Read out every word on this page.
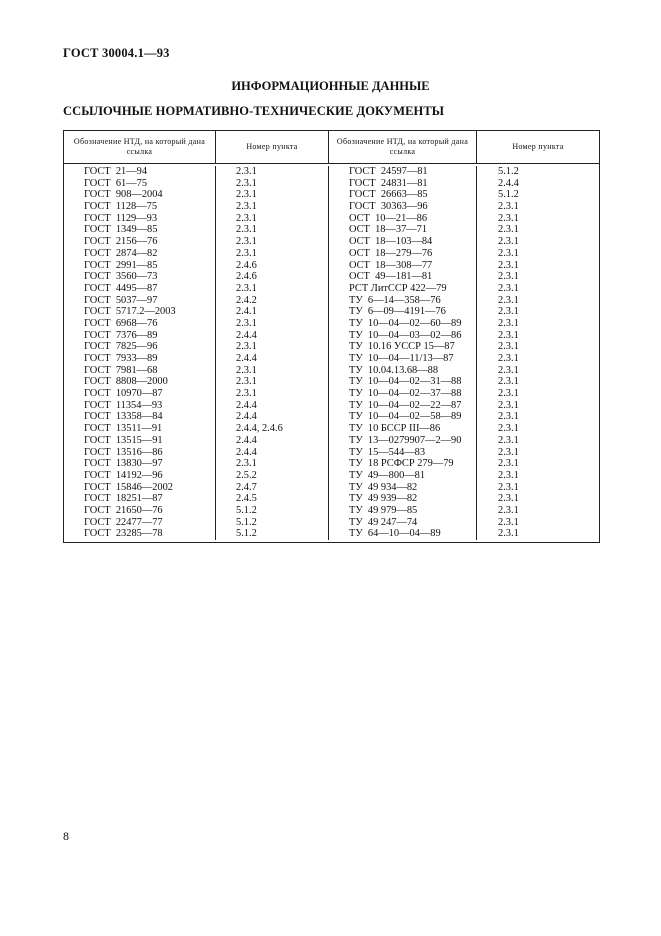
ГОСТ 30004.1—93
ИНФОРМАЦИОННЫЕ ДАННЫЕ
ССЫЛОЧНЫЕ НОРМАТИВНО-ТЕХНИЧЕСКИЕ ДОКУМЕНТЫ
Обозначение НТД, на который дана ссылка
Номер пункта
Обозначение НТД, на который дана ссылка
Номер пункта
ГОСТ  21—94
ГОСТ  61—75
ГОСТ  908—2004
ГОСТ  1128—75
ГОСТ  1129—93
ГОСТ  1349—85
ГОСТ  2156—76
ГОСТ  2874—82
ГОСТ  2991—85
ГОСТ  3560—73
ГОСТ  4495—87
ГОСТ  5037—97
ГОСТ  5717.2—2003
ГОСТ  6968—76
ГОСТ  7376—89
ГОСТ  7825—96
ГОСТ  7933—89
ГОСТ  7981—68
ГОСТ  8808—2000
ГОСТ  10970—87
ГОСТ  11354—93
ГОСТ  13358—84
ГОСТ  13511—91
ГОСТ  13515—91
ГОСТ  13516—86
ГОСТ  13830—97
ГОСТ  14192—96
ГОСТ  15846—2002
ГОСТ  18251—87
ГОСТ  21650—76
ГОСТ  22477—77
ГОСТ  23285—78
2.3.1
2.3.1
2.3.1
2.3.1
2.3.1
2.3.1
2.3.1
2.3.1
2.4.6
2.4.6
2.3.1
2.4.2
2.4.1
2.3.1
2.4.4
2.3.1
2.4.4
2.3.1
2.3.1
2.3.1
2.4.4
2.4.4
2.4.4, 2.4.6
2.4.4
2.4.4
2.3.1
2.5.2
2.4.7
2.4.5
5.1.2
5.1.2
5.1.2
ГОСТ  24597—81
ГОСТ  24831—81
ГОСТ  26663—85
ГОСТ  30363—96
ОСТ  10—21—86
ОСТ  18—37—71
ОСТ  18—103—84
ОСТ  18—279—76
ОСТ  18—308—77
ОСТ  49—181—81
РСТ ЛитССР 422—79
ТУ  6—14—358—76
ТУ  6—09—4191—76
ТУ  10—04—02—60—89
ТУ  10—04—03—02—86
ТУ  10.16 УССР 15—87
ТУ  10—04—11/13—87
ТУ  10.04.13.68—88
ТУ  10—04—02—31—88
ТУ  10—04—02—37—88
ТУ  10—04—02—22—87
ТУ  10—04—02—58—89
ТУ  10 БССР III—86
ТУ  13—0279907—2—90
ТУ  15—544—83
ТУ  18 РСФСР 279—79
ТУ  49—800—81
ТУ  49 934—82
ТУ  49 939—82
ТУ  49 979—85
ТУ  49 247—74
ТУ  64—10—04—89
5.1.2
2.4.4
5.1.2
2.3.1
2.3.1
2.3.1
2.3.1
2.3.1
2.3.1
2.3.1
2.3.1
2.3.1
2.3.1
2.3.1
2.3.1
2.3.1
2.3.1
2.3.1
2.3.1
2.3.1
2.3.1
2.3.1
2.3.1
2.3.1
2.3.1
2.3.1
2.3.1
2.3.1
2.3.1
2.3.1
2.3.1
2.3.1
8
